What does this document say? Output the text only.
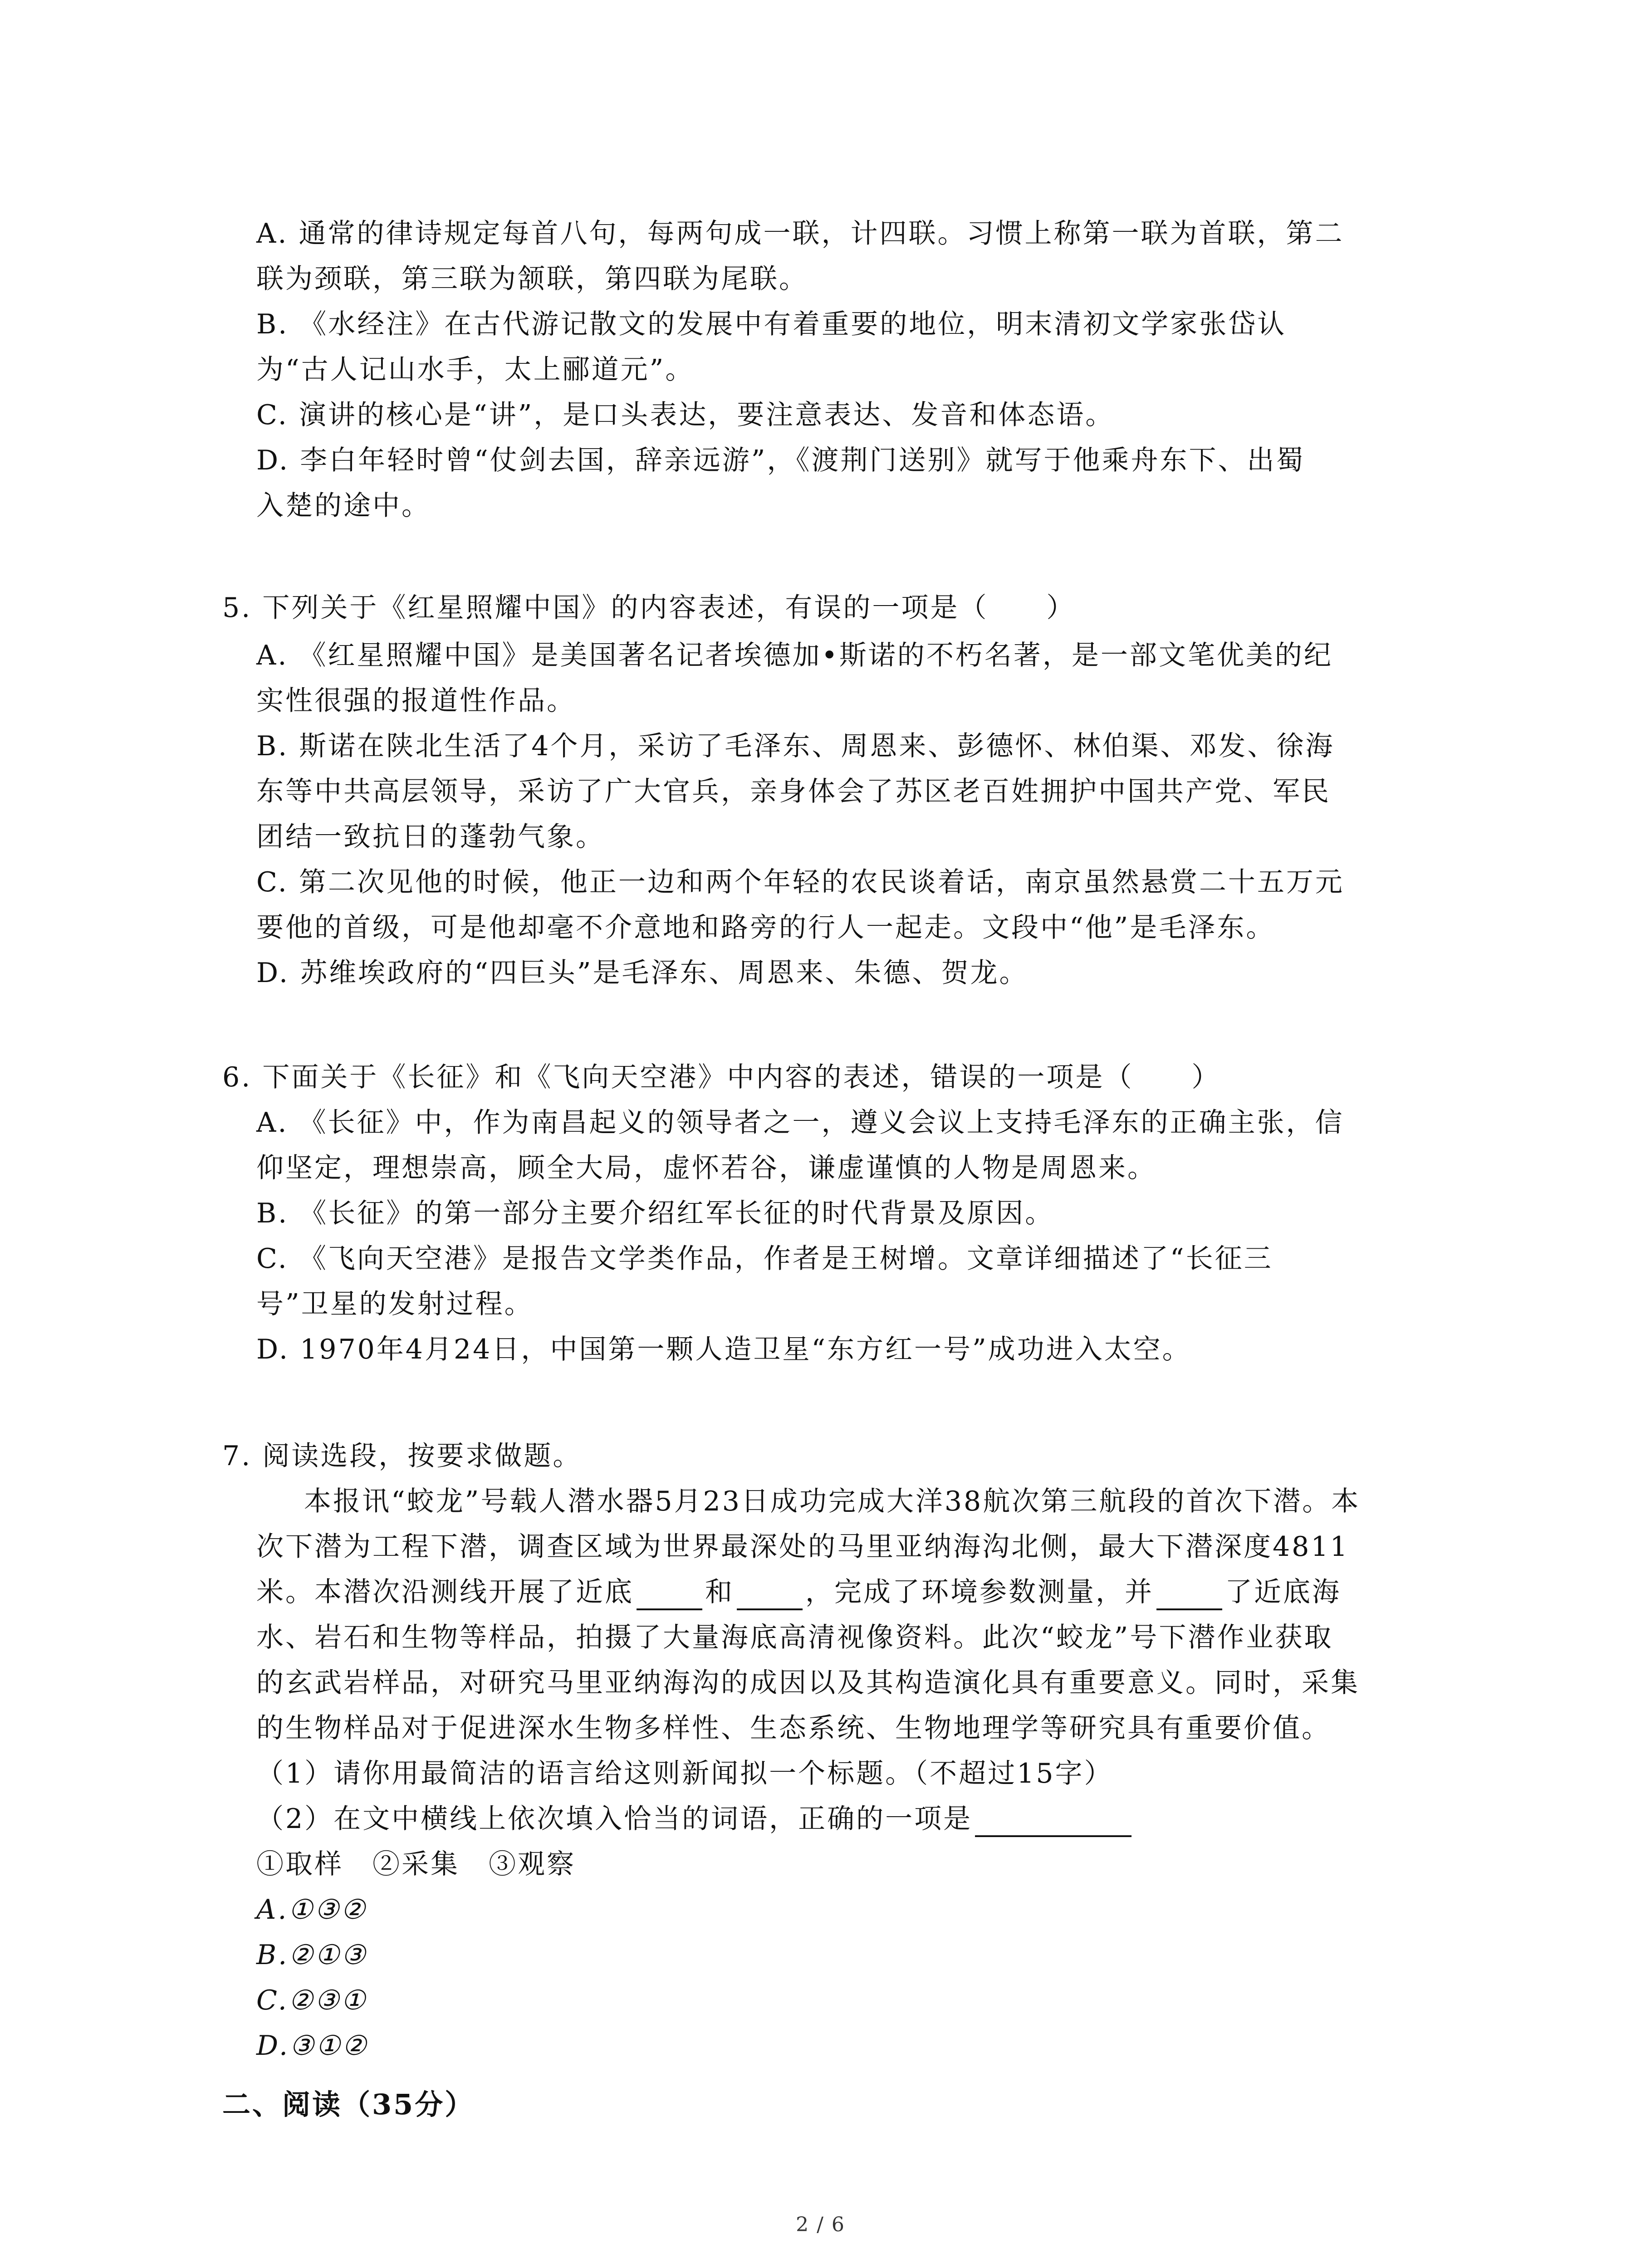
A. 通常的律诗规定每首八句，每两句成一联，计四联。习惯上称第一联为首联，第二
联为颈联，第三联为颔联，第四联为尾联。
B. 《水经注》在古代游记散文的发展中有着重要的地位，明末清初文学家张岱认
为“古人记山水手，太上郦道元”。
C. 演讲的核心是“讲”，是口头表达，要注意表达、发音和体态语。
D. 李白年轻时曾“仗剑去国，辞亲远游”，《渡荆门送别》就写于他乘舟东下、出蜀
入楚的途中。
5. 下列关于《红星照耀中国》的内容表述，有误的一项是（　　）
A. 《红星照耀中国》是美国著名记者埃德加•斯诺的不朽名著，是一部文笔优美的纪
实性很强的报道性作品。
B. 斯诺在陕北生活了4个月，采访了毛泽东、周恩来、彭德怀、林伯渠、邓发、徐海
东等中共高层领导，采访了广大官兵，亲身体会了苏区老百姓拥护中国共产党、军民
团结一致抗日的蓬勃气象。
C. 第二次见他的时候，他正一边和两个年轻的农民谈着话，南京虽然悬赏二十五万元
要他的首级，可是他却毫不介意地和路旁的行人一起走。文段中“他”是毛泽东。
D. 苏维埃政府的“四巨头”是毛泽东、周恩来、朱德、贺龙。
6. 下面关于《长征》和《飞向天空港》中内容的表述，错误的一项是（　　）
A. 《长征》中，作为南昌起义的领导者之一，遵义会议上支持毛泽东的正确主张，信
仰坚定，理想崇高，顾全大局，虚怀若谷，谦虚谨慎的人物是周恩来。
B. 《长征》的第一部分主要介绍红军长征的时代背景及原因。
C. 《飞向天空港》是报告文学类作品，作者是王树增。文章详细描述了“长征三
号”卫星的发射过程。
D. 1970年4月24日，中国第一颗人造卫星“东方红一号”成功进入太空。
7. 阅读选段，按要求做题。
本报讯“蛟龙”号载人潜水器5月23日成功完成大洋38航次第三航段的首次下潜。本
次下潜为工程下潜，调查区域为世界最深处的马里亚纳海沟北侧，最大下潜深度4811
米。本潜次沿测线开展了近底	和	，完成了环境参数测量，并	了近底海
水、岩石和生物等样品，拍摄了大量海底高清视像资料。此次“蛟龙”号下潜作业获取
的玄武岩样品，对研究马里亚纳海沟的成因以及其构造演化具有重要意义。同时，采集
的生物样品对于促进深水生物多样性、生态系统、生物地理学等研究具有重要价值。
（1）请你用最简洁的语言给这则新闻拟一个标题。（不超过15字）
（2）在文中横线上依次填入恰当的词语，正确的一项是
①取样　②采集　③观察
A.①③②
B.②①③
C.②③①
D.③①②
二、阅读（35分）
2 / 6
